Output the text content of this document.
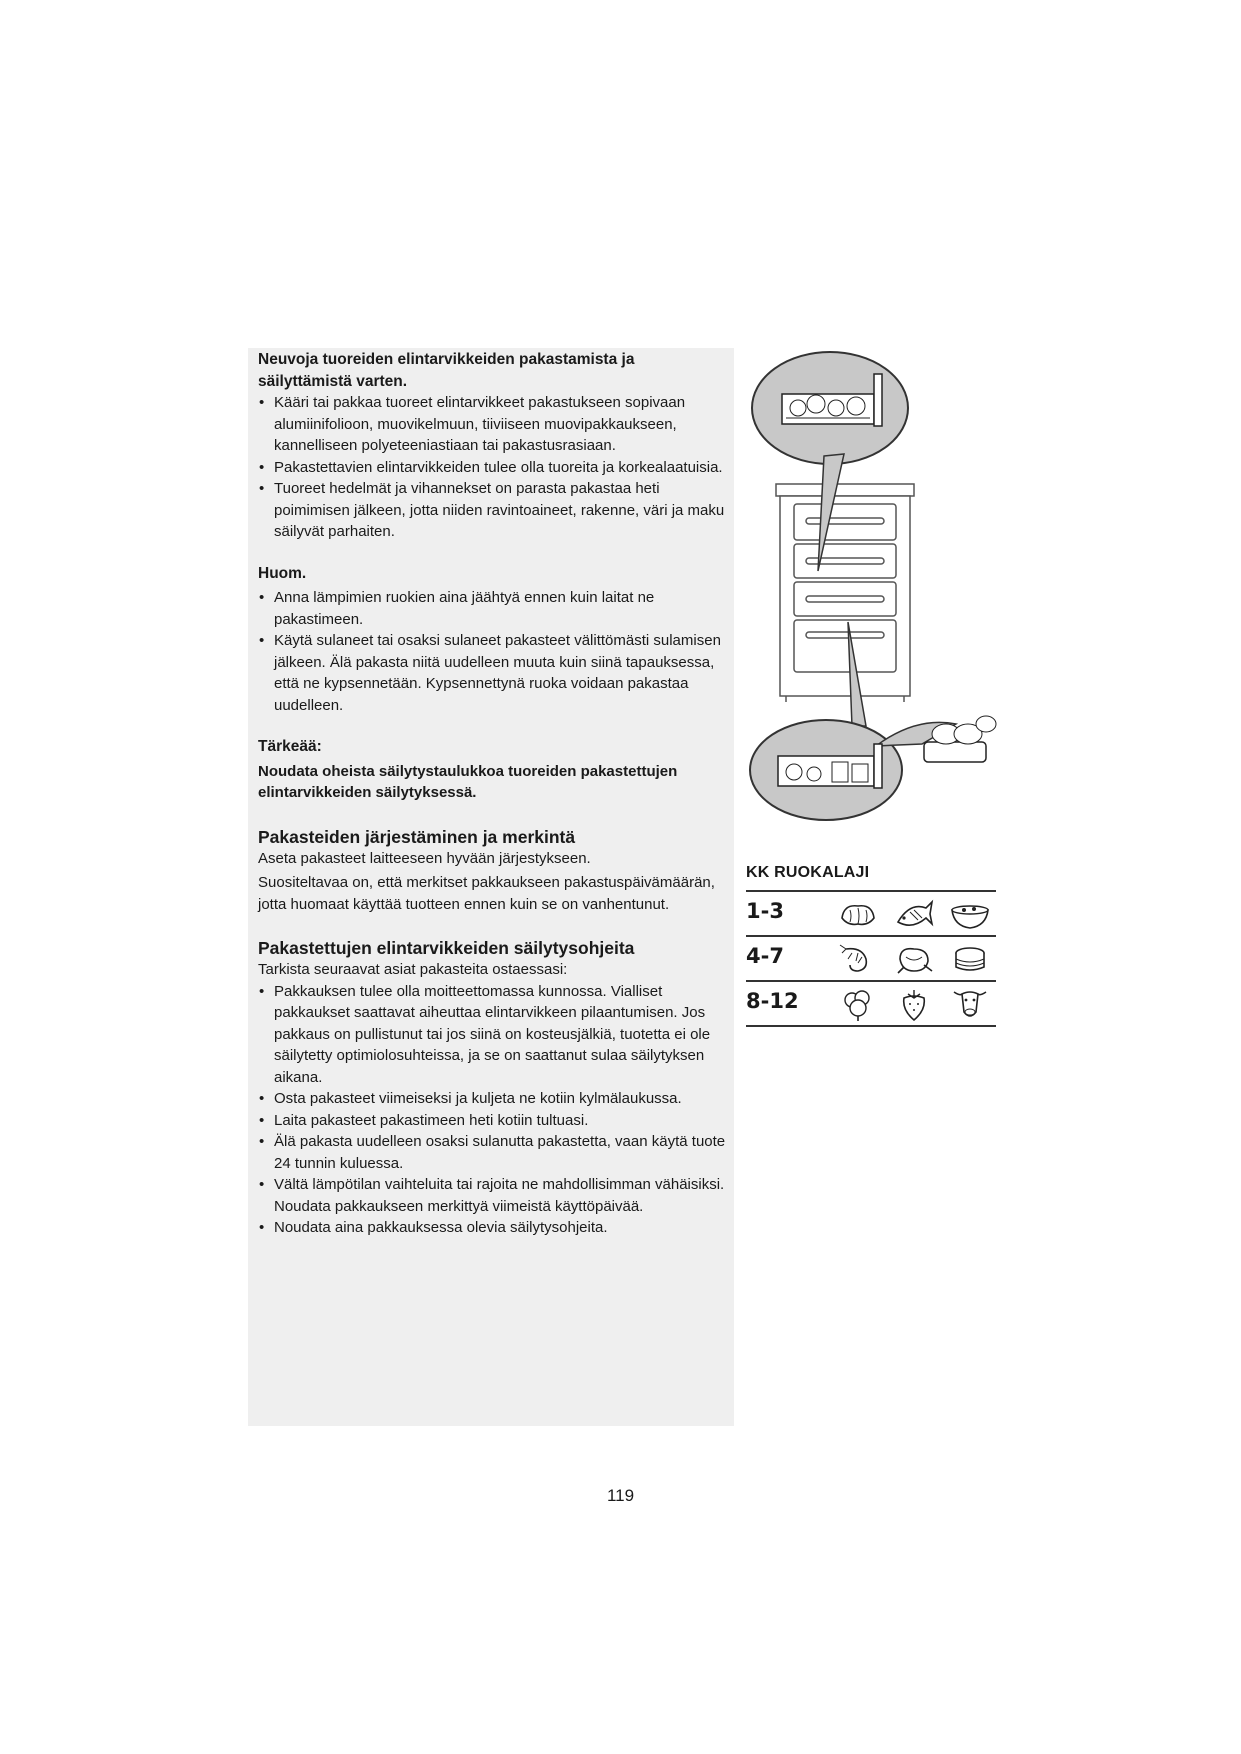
Neuvoja tuoreiden elintarvikkeiden pakastamista ja säilyttämistä varten.
• Kääri tai pakkaa tuoreet elintarvikkeet pakastukseen sopivaan alumiinifolioon, muovikelmuun, tiiviiseen muovipakkaukseen, kannelliseen polyeteeniastiaan tai pakastusrasiaan.
• Pakastettavien elintarvikkeiden tulee olla tuoreita ja korkealaatuisia.
• Tuoreet hedelmät ja vihannekset on parasta pakastaa heti poimimisen jälkeen, jotta niiden ravintoaineet, rakenne, väri ja maku säilyvät parhaiten.
Huom.
• Anna lämpimien ruokien aina jäähtyä ennen kuin laitat ne pakastimeen.
• Käytä sulaneet tai osaksi sulaneet pakasteet välittömästi sulamisen jälkeen. Älä pakasta niitä uudelleen muuta kuin siinä tapauksessa, että ne kypsennetään. Kypsennettynä ruoka voidaan pakastaa uudelleen.
Tärkeää:

Noudata oheista säilytystaulukkoa tuoreiden pakastettujen elintarvikkeiden säilytyksessä.

Pakasteiden järjestäminen ja merkintä

Aseta pakasteet laitteeseen hyvään järjestykseen.

Suositeltavaa on, että merkitset pakkaukseen pakastuspäivämäärän, jotta huomaat käyttää tuotteen ennen kuin se on vanhentunut.

Pakastettujen elintarvikkeiden säilytysohjeita

Tarkista seuraavat asiat pakasteita ostaessasi:

• Pakkauksen tulee olla moitteettomassa kunnossa. Vialliset pakkaukset saattavat aiheuttaa elintarvikkeen pilaantumisen. Jos pakkaus on pullistunut tai jos siinä on kosteusjälkiä, tuotetta ei ole säilytetty optimiolosuhteissa, ja se on saattanut sulaa säilytyksen aikana.
• Osta pakasteet viimeiseksi ja kuljeta ne kotiin kylmälaukussa.
• Laita pakasteet pakastimeen heti kotiin tultuasi.
• Älä pakasta uudelleen osaksi sulanutta pakastetta, vaan käytä tuote 24 tunnin kuluessa.
• Vältä lämpötilan vaihteluita tai rajoita ne mahdollisimman vähäisiksi. Noudata pakkaukseen merkittyä viimeistä käyttöpäivää.
• Noudata aina pakkauksessa olevia säilytysohjeita.
KK RUOKALAJI
1-3
4-7
8-12
119
